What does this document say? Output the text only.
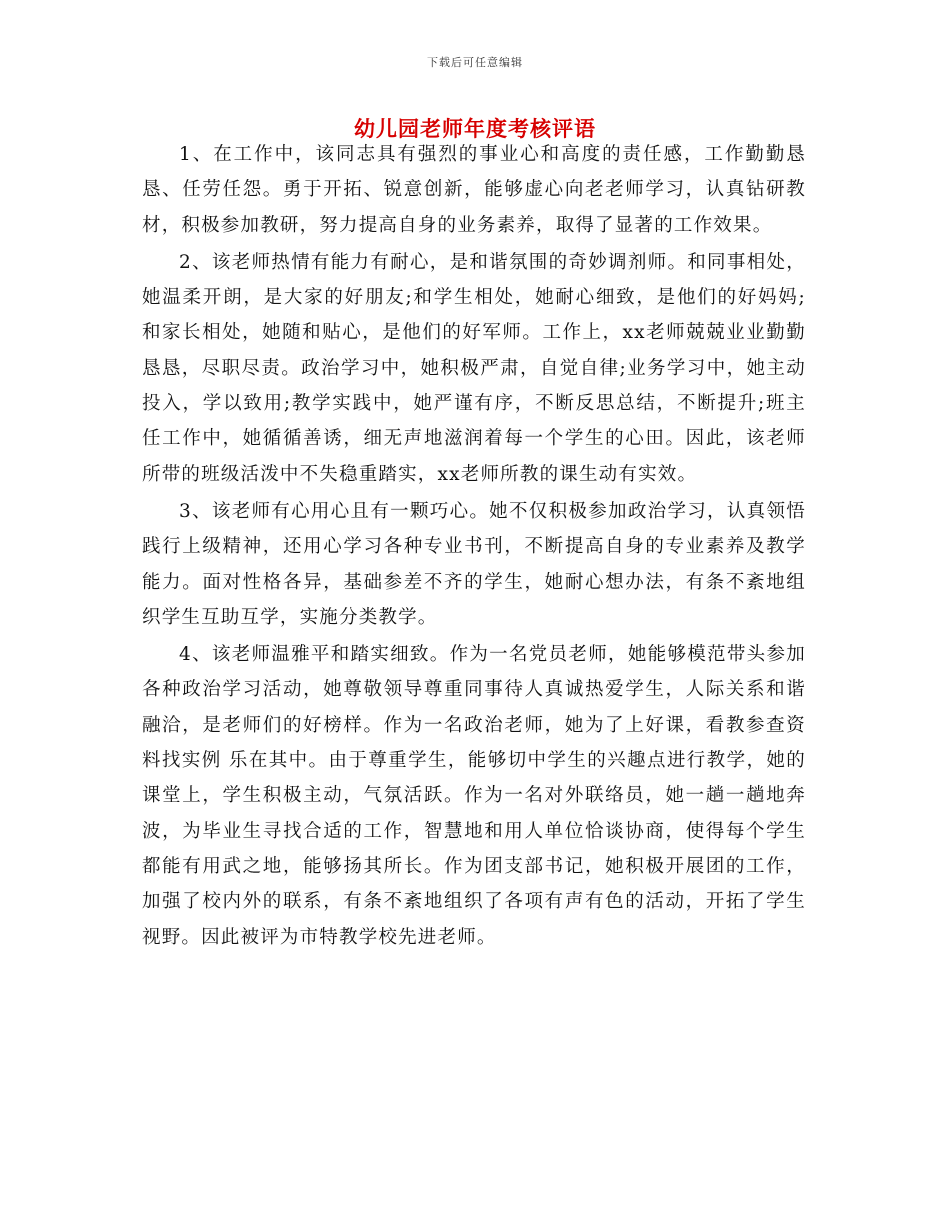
下载后可任意编辑
幼儿园老师年度考核评语

1、在工作中，该同志具有强烈的事业心和高度的责任感，工作勤勤恳恳、任劳任怨。勇于开拓、锐意创新，能够虚心向老老师学习，认真钻研教材，积极参加教研，努力提高自身的业务素养，取得了显著的工作效果。

2、该老师热情有能力有耐心，是和谐氛围的奇妙调剂师。和同事相处，她温柔开朗，是大家的好朋友;和学生相处，她耐心细致，是他们的好妈妈;和家长相处，她随和贴心，是他们的好军师。工作上，xx老师兢兢业业勤勤恳恳，尽职尽责。政治学习中，她积极严肃，自觉自律;业务学习中，她主动投入，学以致用;教学实践中，她严谨有序，不断反思总结，不断提升;班主任工作中，她循循善诱，细无声地滋润着每一个学生的心田。因此，该老师所带的班级活泼中不失稳重踏实，xx老师所教的课生动有实效。

3、该老师有心用心且有一颗巧心。她不仅积极参加政治学习，认真领悟践行上级精神，还用心学习各种专业书刊，不断提高自身的专业素养及教学能力。面对性格各异，基础参差不齐的学生，她耐心想办法，有条不紊地组织学生互助互学，实施分类教学。

4、该老师温雅平和踏实细致。作为一名党员老师，她能够模范带头参加各种政治学习活动，她尊敬领导尊重同事待人真诚热爱学生，人际关系和谐融洽，是老师们的好榜样。作为一名政治老师，她为了上好课，看教参查资料找实例 乐在其中。由于尊重学生，能够切中学生的兴趣点进行教学，她的课堂上，学生积极主动，气氛活跃。作为一名对外联络员，她一趟一趟地奔波，为毕业生寻找合适的工作，智慧地和用人单位恰谈协商，使得每个学生都能有用武之地，能够扬其所长。作为团支部书记，她积极开展团的工作，加强了校内外的联系，有条不紊地组织了各项有声有色的活动，开拓了学生视野。因此被评为市特教学校先进老师。
